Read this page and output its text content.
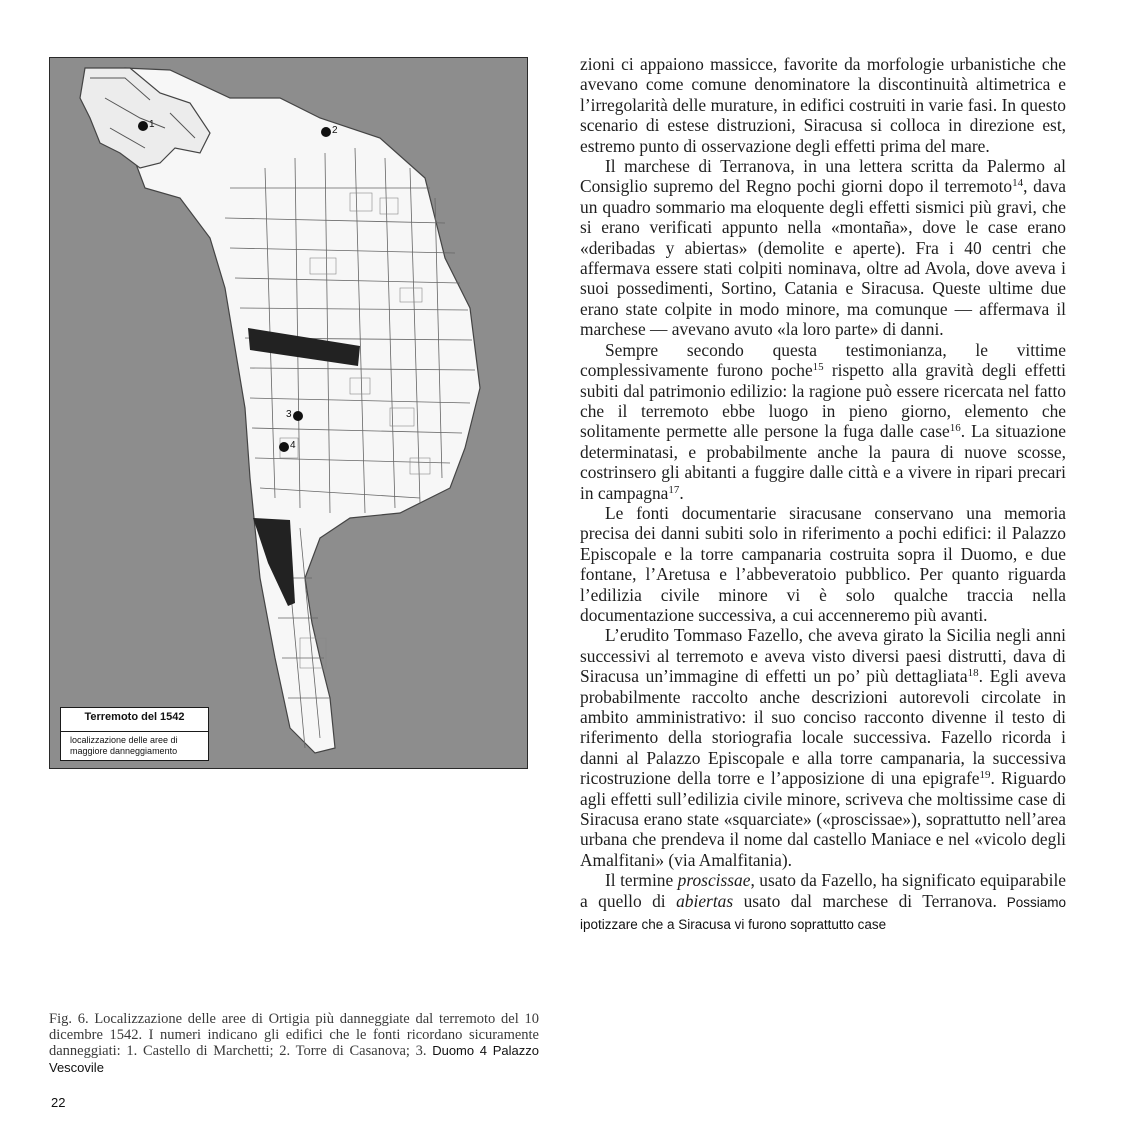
1
2
3
4
Terremoto del 1542
localizzazione delle aree di maggiore danneggiamento
Fig. 6. Localizzazione delle aree di Ortigia più danneggiate dal terremoto del 10 dicembre 1542. I numeri indicano gli edifici che le fonti ricordano sicuramente danneggiati: 1. Castello di Marchetti; 2. Torre di Casanova; 3. Duomo 4 Palazzo Vescovile
22

zioni ci appaiono massicce, favorite da morfologie urbanistiche che avevano come comune denominatore la discontinuità altimetrica e l’irregolarità delle murature, in edifici costruiti in varie fasi. In questo scenario di estese distruzioni, Siracusa si colloca in direzione est, estremo punto di osservazione degli effetti prima del mare.

Il marchese di Terranova, in una lettera scritta da Palermo al Consiglio supremo del Regno pochi giorni dopo il terremoto$^{14}$, dava un quadro sommario ma eloquente degli effetti sismici più gravi, che si erano verificati appunto nella «montaña», dove le case erano «deribadas y abiertas» (demolite e aperte). Fra i 40 centri che affermava essere stati colpiti nominava, oltre ad Avola, dove aveva i suoi possedimenti, Sortino, Catania e Siracusa. Queste ultime due erano state colpite in modo minore, ma comunque — affermava il marchese — avevano avuto «la loro parte» di danni.

Sempre secondo questa testimonianza, le vittime complessivamente furono poche$^{15}$ rispetto alla gravità degli effetti subiti dal patrimonio edilizio: la ragione può essere ricercata nel fatto che il terremoto ebbe luogo in pieno giorno, elemento che solitamente permette alle persone la fuga dalle case$^{16}$. La situazione determinatasi, e probabilmente anche la paura di nuove scosse, costrinsero gli abitanti a fuggire dalle città e a vivere in ripari precari in campagna$^{17}$.

Le fonti documentarie siracusane conservano una memoria precisa dei danni subiti solo in riferimento a pochi edifici: il Palazzo Episcopale e la torre campanaria costruita sopra il Duomo, e due fontane, l’Aretusa e l’abbeveratoio pubblico. Per quanto riguarda l’edilizia civile minore vi è solo qualche traccia nella documentazione successiva, a cui accenneremo più avanti.

L’erudito Tommaso Fazello, che aveva girato la Sicilia negli anni successivi al terremoto e aveva visto diversi paesi distrutti, dava di Siracusa un’immagine di effetti un po’ più dettagliata$^{18}$. Egli aveva probabilmente raccolto anche descrizioni autorevoli circolate in ambito amministrativo: il suo conciso racconto divenne il testo di riferimento della storiografia locale successiva. Fazello ricorda i danni al Palazzo Episcopale e alla torre campanaria, la successiva ricostruzione della torre e l’apposizione di una epigrafe$^{19}$. Riguardo agli effetti sull’edilizia civile minore, scriveva che moltissime case di Siracusa erano state «squarciate» («proscissae»), soprattutto nell’area urbana che prendeva il nome dal castello Maniace e nel «vicolo degli Amalfitani» (via Amalfitania).

Il termine proscissae, usato da Fazello, ha significato equiparabile a quello di abiertas usato dal marchese di Terranova. Possiamo ipotizzare che a Siracusa vi furono soprattutto case
